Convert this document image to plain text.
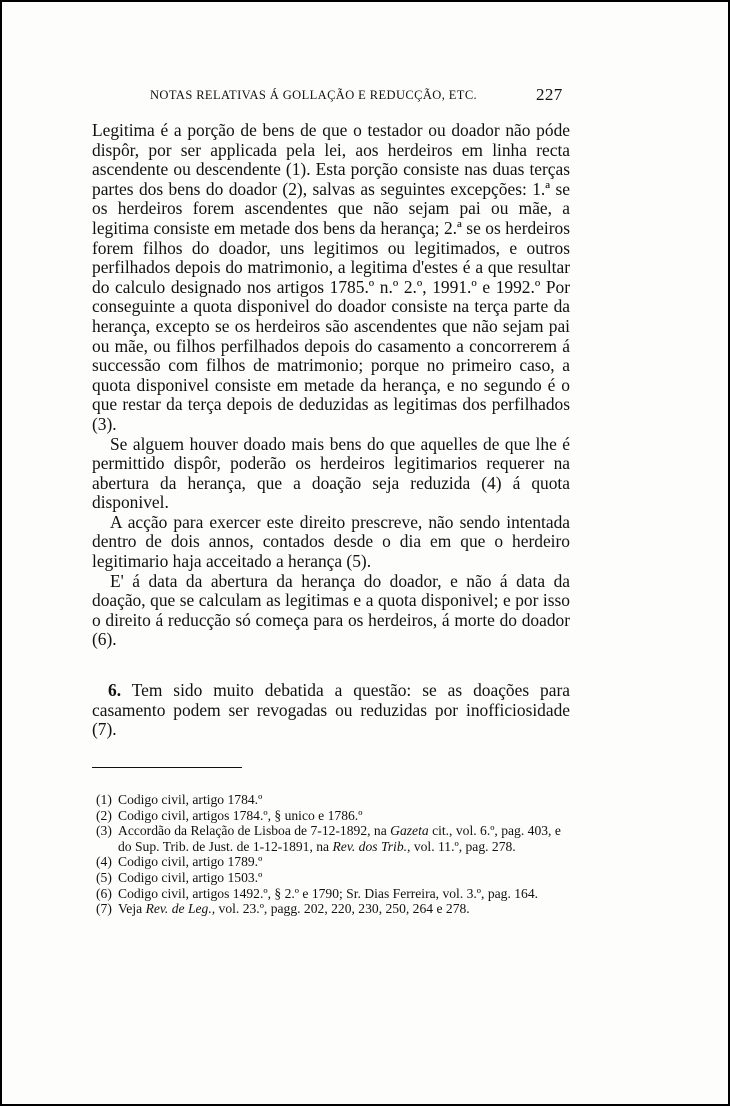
NOTAS RELATIVAS Á GOLLAÇÃO E REDUCÇÃO, ETC.	227

Legitima é a porção de bens de que o testador ou doador não póde dispôr, por ser applicada pela lei, aos herdeiros em linha recta ascendente ou descendente (1). Esta porção consiste nas duas terças partes dos bens do doador (2), salvas as seguintes excepções: 1.ª se os herdeiros forem ascendentes que não sejam pai ou mãe, a legitima consiste em metade dos bens da herança; 2.ª se os herdeiros forem filhos do doador, uns legitimos ou legitimados, e outros perfilhados depois do matrimonio, a legitima d'estes é a que resultar do calculo designado nos artigos 1785.º n.º 2.º, 1991.º e 1992.º Por conseguinte a quota disponivel do doador consiste na terça parte da herança, excepto se os herdeiros são ascendentes que não sejam pai ou mãe, ou filhos perfilhados depois do casamento a concorrerem á successão com filhos de matrimonio; porque no primeiro caso, a quota disponivel consiste em metade da herança, e no segundo é o que restar da terça depois de deduzidas as legitimas dos perfilhados (3).

Se alguem houver doado mais bens do que aquelles de que lhe é permittido dispôr, poderão os herdeiros legitimarios requerer na abertura da herança, que a doação seja reduzida (4) á quota disponivel.

A acção para exercer este direito prescreve, não sendo intentada dentro de dois annos, contados desde o dia em que o herdeiro legitimario haja acceitado a herança (5).

E' á data da abertura da herança do doador, e não á data da doação, que se calculam as legitimas e a quota disponivel; e por isso o direito á reducção só começa para os herdeiros, á morte do doador (6).

6. Tem sido muito debatida a questão: se as doações para casamento podem ser revogadas ou reduzidas por inofficiosidade (7).

(1) Codigo civil, artigo 1784.º

(2) Codigo civil, artigos 1784.º, § unico e 1786.º

(3) Accordão da Relação de Lisboa de 7-12-1892, na Gazeta cit., vol. 6.º, pag. 403, e do Sup. Trib. de Just. de 1-12-1891, na Rev. dos Trib., vol. 11.º, pag. 278.

(4) Codigo civil, artigo 1789.º

(5) Codigo civil, artigo 1503.º

(6) Codigo civil, artigos 1492.º, § 2.º e 1790; Sr. Dias Ferreira, vol. 3.º, pag. 164.

(7) Veja Rev. de Leg., vol. 23.º, pagg. 202, 220, 230, 250, 264 e 278.
